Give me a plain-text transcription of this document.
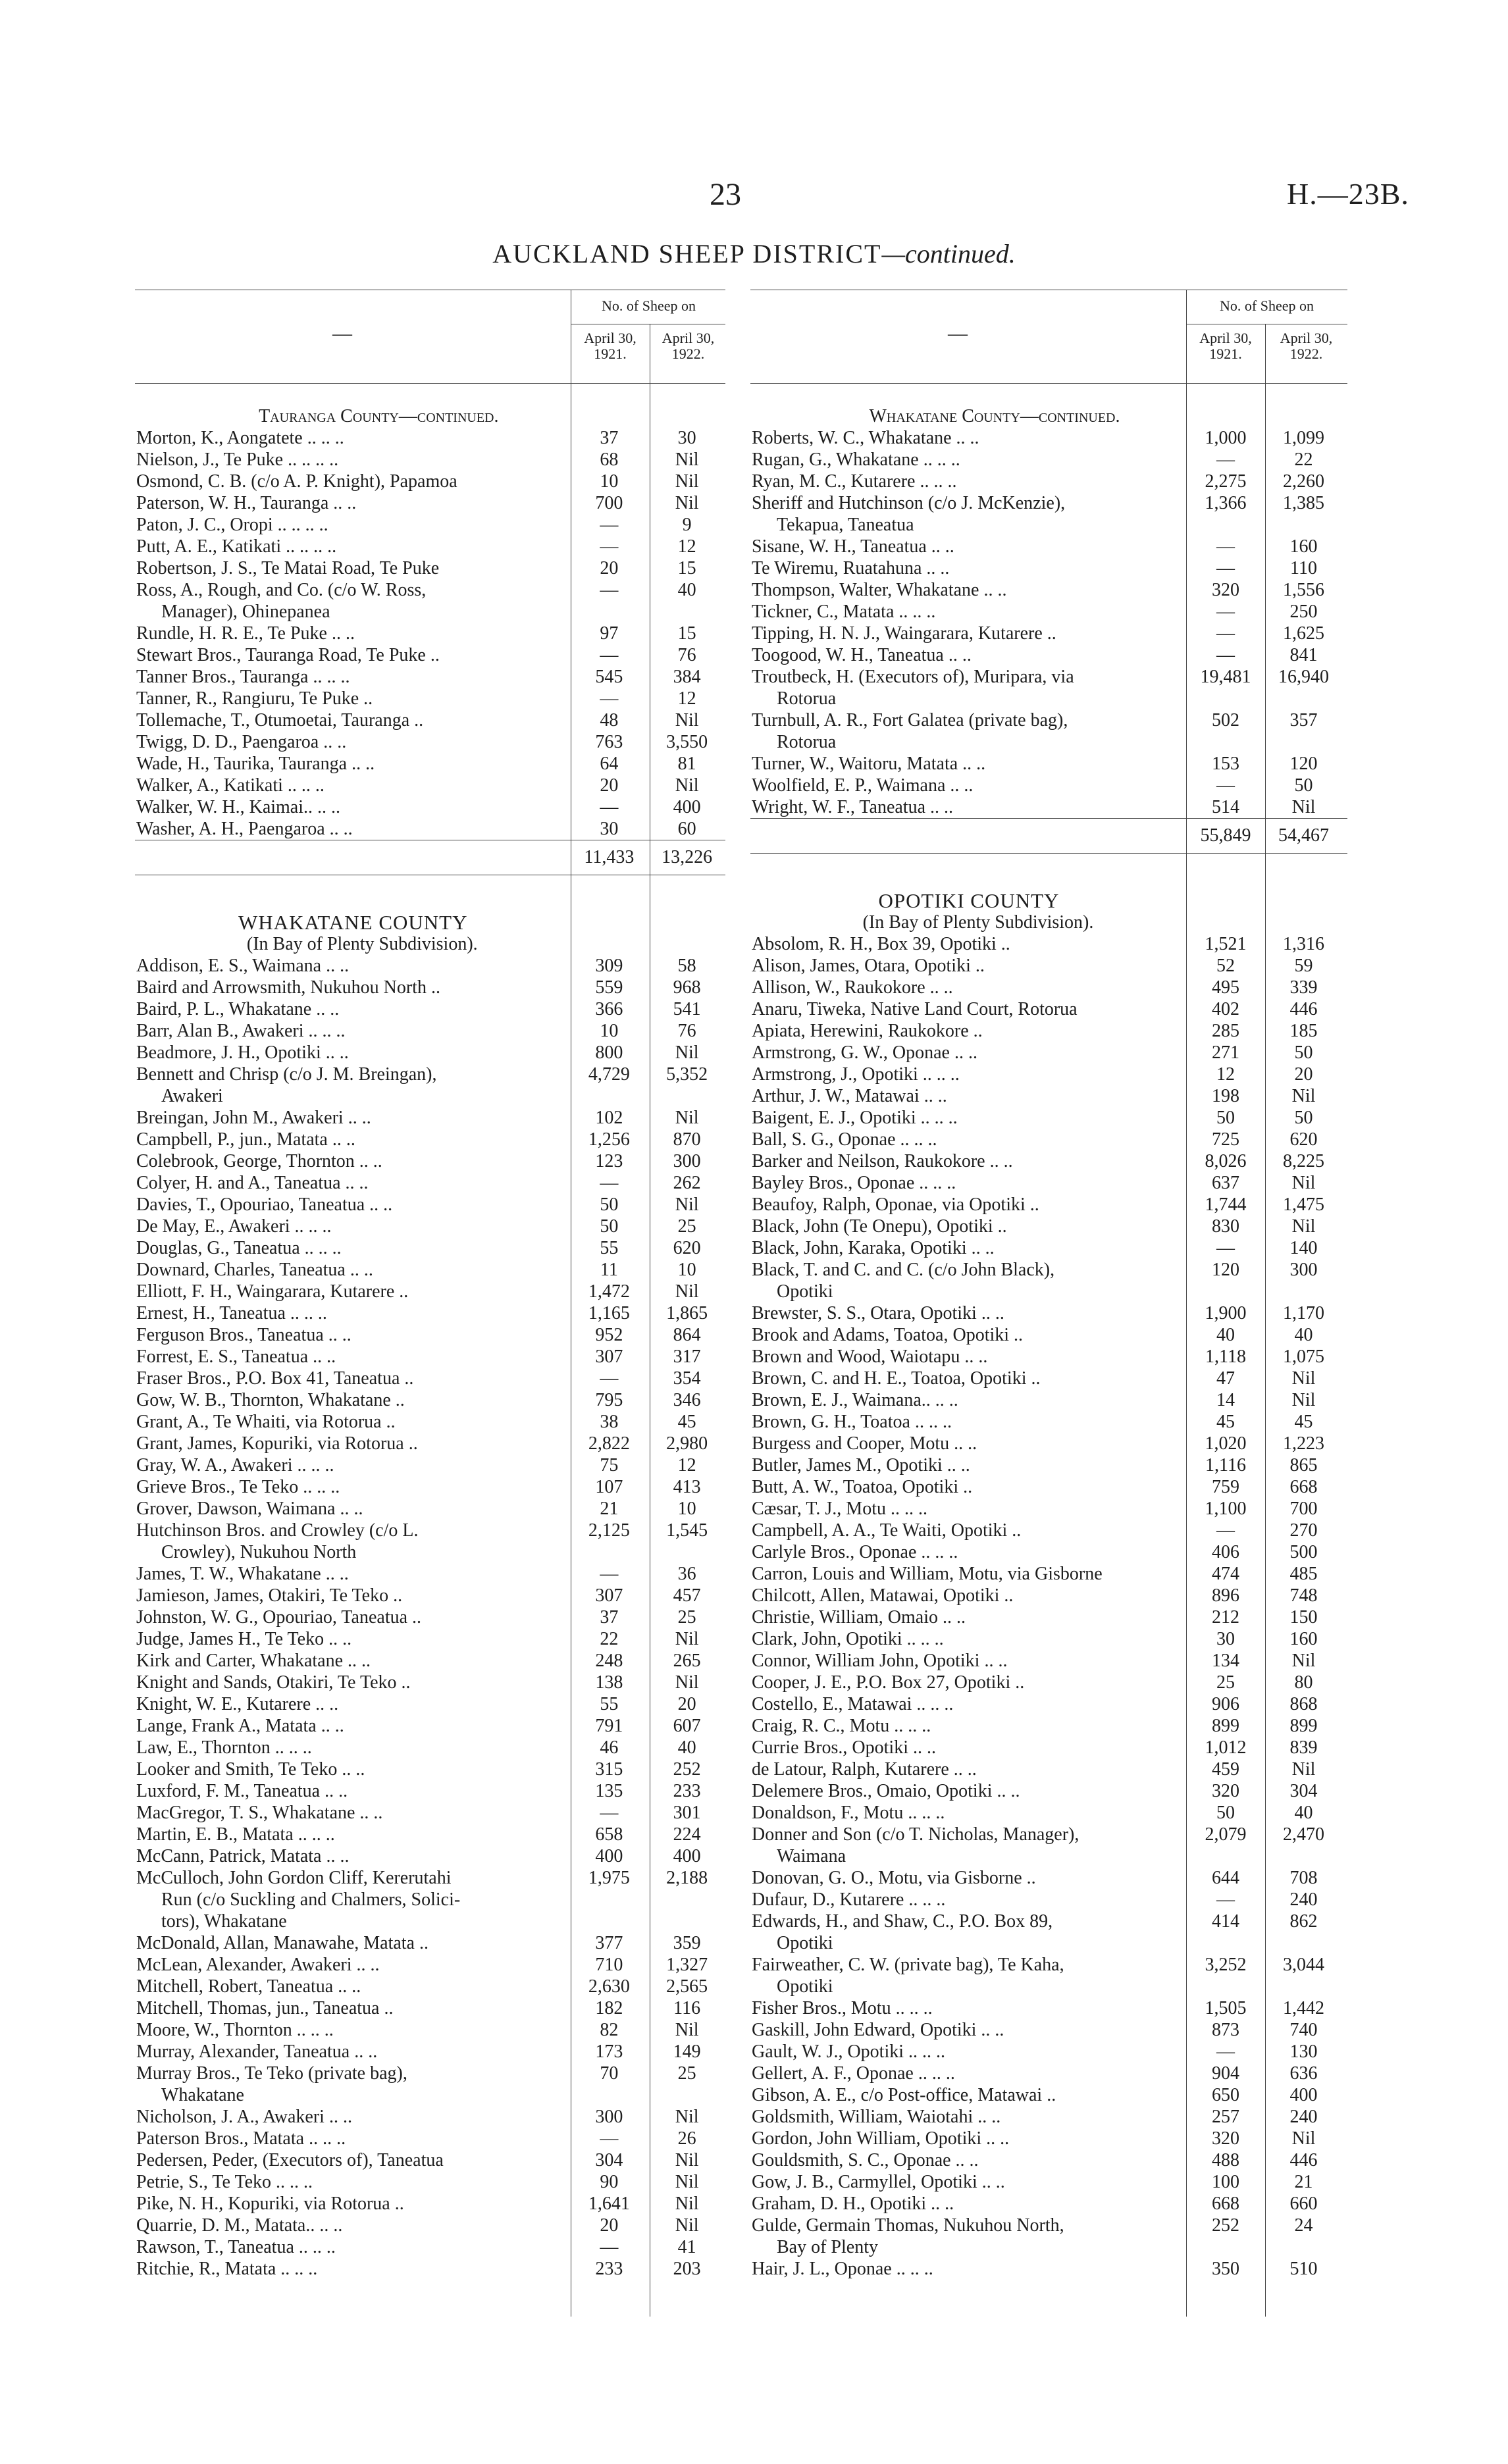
23	H.—23B.
AUCKLAND SHEEP DISTRICT—continued.
No. of Sheep on
April 30,
1921.
April 30,
1922.
—
Tauranga County—continued.
Morton, K., Aongatete .. .. ..	37	30
Nielson, J., Te Puke .. .. .. ..	68	Nil
Osmond, C. B. (c/o A. P. Knight), Papamoa	10	Nil
Paterson, W. H., Tauranga .. ..	700	Nil
Paton, J. C., Oropi .. .. .. ..	—	9
Putt, A. E., Katikati .. .. .. ..	—	12
Robertson, J. S., Te Matai Road, Te Puke	20	15
Ross, A., Rough, and Co. (c/o W. Ross,	—	40
Manager), Ohinepanea
Rundle, H. R. E., Te Puke .. ..	97	15
Stewart Bros., Tauranga Road, Te Puke ..	—	76
Tanner Bros., Tauranga .. .. ..	545	384
Tanner, R., Rangiuru, Te Puke ..	—	12
Tollemache, T., Otumoetai, Tauranga ..	48	Nil
Twigg, D. D., Paengaroa .. ..	763	3,550
Wade, H., Taurika, Tauranga .. ..	64	81
Walker, A., Katikati .. .. ..	20	Nil
Walker, W. H., Kaimai.. .. ..	—	400
Washer, A. H., Paengaroa .. ..	30	60
11,433	13,226
WHAKATANE COUNTY
(In Bay of Plenty Subdivision).
Addison, E. S., Waimana .. ..	309	58
Baird and Arrowsmith, Nukuhou North ..	559	968
Baird, P. L., Whakatane .. ..	366	541
Barr, Alan B., Awakeri .. .. ..	10	76
Beadmore, J. H., Opotiki .. ..	800	Nil
Bennett and Chrisp (c/o J. M. Breingan),	4,729	5,352
Awakeri
Breingan, John M., Awakeri .. ..	102	Nil
Campbell, P., jun., Matata .. ..	1,256	870
Colebrook, George, Thornton .. ..	123	300
Colyer, H. and A., Taneatua .. ..	—	262
Davies, T., Opouriao, Taneatua .. ..	50	Nil
De May, E., Awakeri .. .. ..	50	25
Douglas, G., Taneatua .. .. ..	55	620
Downard, Charles, Taneatua .. ..	11	10
Elliott, F. H., Waingarara, Kutarere ..	1,472	Nil
Ernest, H., Taneatua .. .. ..	1,165	1,865
Ferguson Bros., Taneatua .. ..	952	864
Forrest, E. S., Taneatua .. ..	307	317
Fraser Bros., P.O. Box 41, Taneatua ..	—	354
Gow, W. B., Thornton, Whakatane ..	795	346
Grant, A., Te Whaiti, via Rotorua ..	38	45
Grant, James, Kopuriki, via Rotorua ..	2,822	2,980
Gray, W. A., Awakeri .. .. ..	75	12
Grieve Bros., Te Teko .. .. ..	107	413
Grover, Dawson, Waimana .. ..	21	10
Hutchinson Bros. and Crowley (c/o L.	2,125	1,545
Crowley), Nukuhou North
James, T. W., Whakatane .. ..	—	36
Jamieson, James, Otakiri, Te Teko ..	307	457
Johnston, W. G., Opouriao, Taneatua ..	37	25
Judge, James H., Te Teko .. ..	22	Nil
Kirk and Carter, Whakatane .. ..	248	265
Knight and Sands, Otakiri, Te Teko ..	138	Nil
Knight, W. E., Kutarere .. ..	55	20
Lange, Frank A., Matata .. ..	791	607
Law, E., Thornton .. .. ..	46	40
Looker and Smith, Te Teko .. ..	315	252
Luxford, F. M., Taneatua .. ..	135	233
MacGregor, T. S., Whakatane .. ..	—	301
Martin, E. B., Matata .. .. ..	658	224
McCann, Patrick, Matata .. ..	400	400
McCulloch, John Gordon Cliff, Kererutahi	1,975	2,188
Run (c/o Suckling and Chalmers, Solici-
tors), Whakatane
McDonald, Allan, Manawahe, Matata ..	377	359
McLean, Alexander, Awakeri .. ..	710	1,327
Mitchell, Robert, Taneatua .. ..	2,630	2,565
Mitchell, Thomas, jun., Taneatua ..	182	116
Moore, W., Thornton .. .. ..	82	Nil
Murray, Alexander, Taneatua .. ..	173	149
Murray Bros., Te Teko (private bag),	70	25
Whakatane
Nicholson, J. A., Awakeri .. ..	300	Nil
Paterson Bros., Matata .. .. ..	—	26
Pedersen, Peder, (Executors of), Taneatua	304	Nil
Petrie, S., Te Teko .. .. ..	90	Nil
Pike, N. H., Kopuriki, via Rotorua ..	1,641	Nil
Quarrie, D. M., Matata.. .. ..	20	Nil
Rawson, T., Taneatua .. .. ..	—	41
Ritchie, R., Matata .. .. ..	233	203
No. of Sheep on
April 30,
1921.
April 30,
1922.
—
Whakatane County—continued.
Roberts, W. C., Whakatane .. ..	1,000	1,099
Rugan, G., Whakatane .. .. ..	—	22
Ryan, M. C., Kutarere .. .. ..	2,275	2,260
Sheriff and Hutchinson (c/o J. McKenzie),	1,366	1,385
Tekapua, Taneatua
Sisane, W. H., Taneatua .. ..	—	160
Te Wiremu, Ruatahuna .. ..	—	110
Thompson, Walter, Whakatane .. ..	320	1,556
Tickner, C., Matata .. .. ..	—	250
Tipping, H. N. J., Waingarara, Kutarere ..	—	1,625
Toogood, W. H., Taneatua .. ..	—	841
Troutbeck, H. (Executors of), Muripara, via	19,481	16,940
Rotorua
Turnbull, A. R., Fort Galatea (private bag),	502	357
Rotorua
Turner, W., Waitoru, Matata .. ..	153	120
Woolfield, E. P., Waimana .. ..	—	50
Wright, W. F., Taneatua .. ..	514	Nil
55,849	54,467
OPOTIKI COUNTY
(In Bay of Plenty Subdivision).
Absolom, R. H., Box 39, Opotiki ..	1,521	1,316
Alison, James, Otara, Opotiki ..	52	59
Allison, W., Raukokore .. ..	495	339
Anaru, Tiweka, Native Land Court, Rotorua	402	446
Apiata, Herewini, Raukokore ..	285	185
Armstrong, G. W., Oponae .. ..	271	50
Armstrong, J., Opotiki .. .. ..	12	20
Arthur, J. W., Matawai .. ..	198	Nil
Baigent, E. J., Opotiki .. .. ..	50	50
Ball, S. G., Oponae .. .. ..	725	620
Barker and Neilson, Raukokore .. ..	8,026	8,225
Bayley Bros., Oponae .. .. ..	637	Nil
Beaufoy, Ralph, Oponae, via Opotiki ..	1,744	1,475
Black, John (Te Onepu), Opotiki ..	830	Nil
Black, John, Karaka, Opotiki .. ..	—	140
Black, T. and C. and C. (c/o John Black),	120	300
Opotiki
Brewster, S. S., Otara, Opotiki .. ..	1,900	1,170
Brook and Adams, Toatoa, Opotiki ..	40	40
Brown and Wood, Waiotapu .. ..	1,118	1,075
Brown, C. and H. E., Toatoa, Opotiki ..	47	Nil
Brown, E. J., Waimana.. .. ..	14	Nil
Brown, G. H., Toatoa .. .. ..	45	45
Burgess and Cooper, Motu .. ..	1,020	1,223
Butler, James M., Opotiki .. ..	1,116	865
Butt, A. W., Toatoa, Opotiki ..	759	668
Cæsar, T. J., Motu .. .. ..	1,100	700
Campbell, A. A., Te Waiti, Opotiki ..	—	270
Carlyle Bros., Oponae .. .. ..	406	500
Carron, Louis and William, Motu, via Gisborne	474	485
Chilcott, Allen, Matawai, Opotiki ..	896	748
Christie, William, Omaio .. ..	212	150
Clark, John, Opotiki .. .. ..	30	160
Connor, William John, Opotiki .. ..	134	Nil
Cooper, J. E., P.O. Box 27, Opotiki ..	25	80
Costello, E., Matawai .. .. ..	906	868
Craig, R. C., Motu .. .. ..	899	899
Currie Bros., Opotiki .. ..	1,012	839
de Latour, Ralph, Kutarere .. ..	459	Nil
Delemere Bros., Omaio, Opotiki .. ..	320	304
Donaldson, F., Motu .. .. ..	50	40
Donner and Son (c/o T. Nicholas, Manager),	2,079	2,470
Waimana
Donovan, G. O., Motu, via Gisborne ..	644	708
Dufaur, D., Kutarere .. .. ..	—	240
Edwards, H., and Shaw, C., P.O. Box 89,	414	862
Opotiki
Fairweather, C. W. (private bag), Te Kaha,	3,252	3,044
Opotiki
Fisher Bros., Motu .. .. ..	1,505	1,442
Gaskill, John Edward, Opotiki .. ..	873	740
Gault, W. J., Opotiki .. .. ..	—	130
Gellert, A. F., Oponae .. .. ..	904	636
Gibson, A. E., c/o Post-office, Matawai ..	650	400
Goldsmith, William, Waiotahi .. ..	257	240
Gordon, John William, Opotiki .. ..	320	Nil
Gouldsmith, S. C., Oponae .. ..	488	446
Gow, J. B., Carmyllel, Opotiki .. ..	100	21
Graham, D. H., Opotiki .. ..	668	660
Gulde, Germain Thomas, Nukuhou North,	252	24
Bay of Plenty
Hair, J. L., Oponae .. .. ..	350	510
